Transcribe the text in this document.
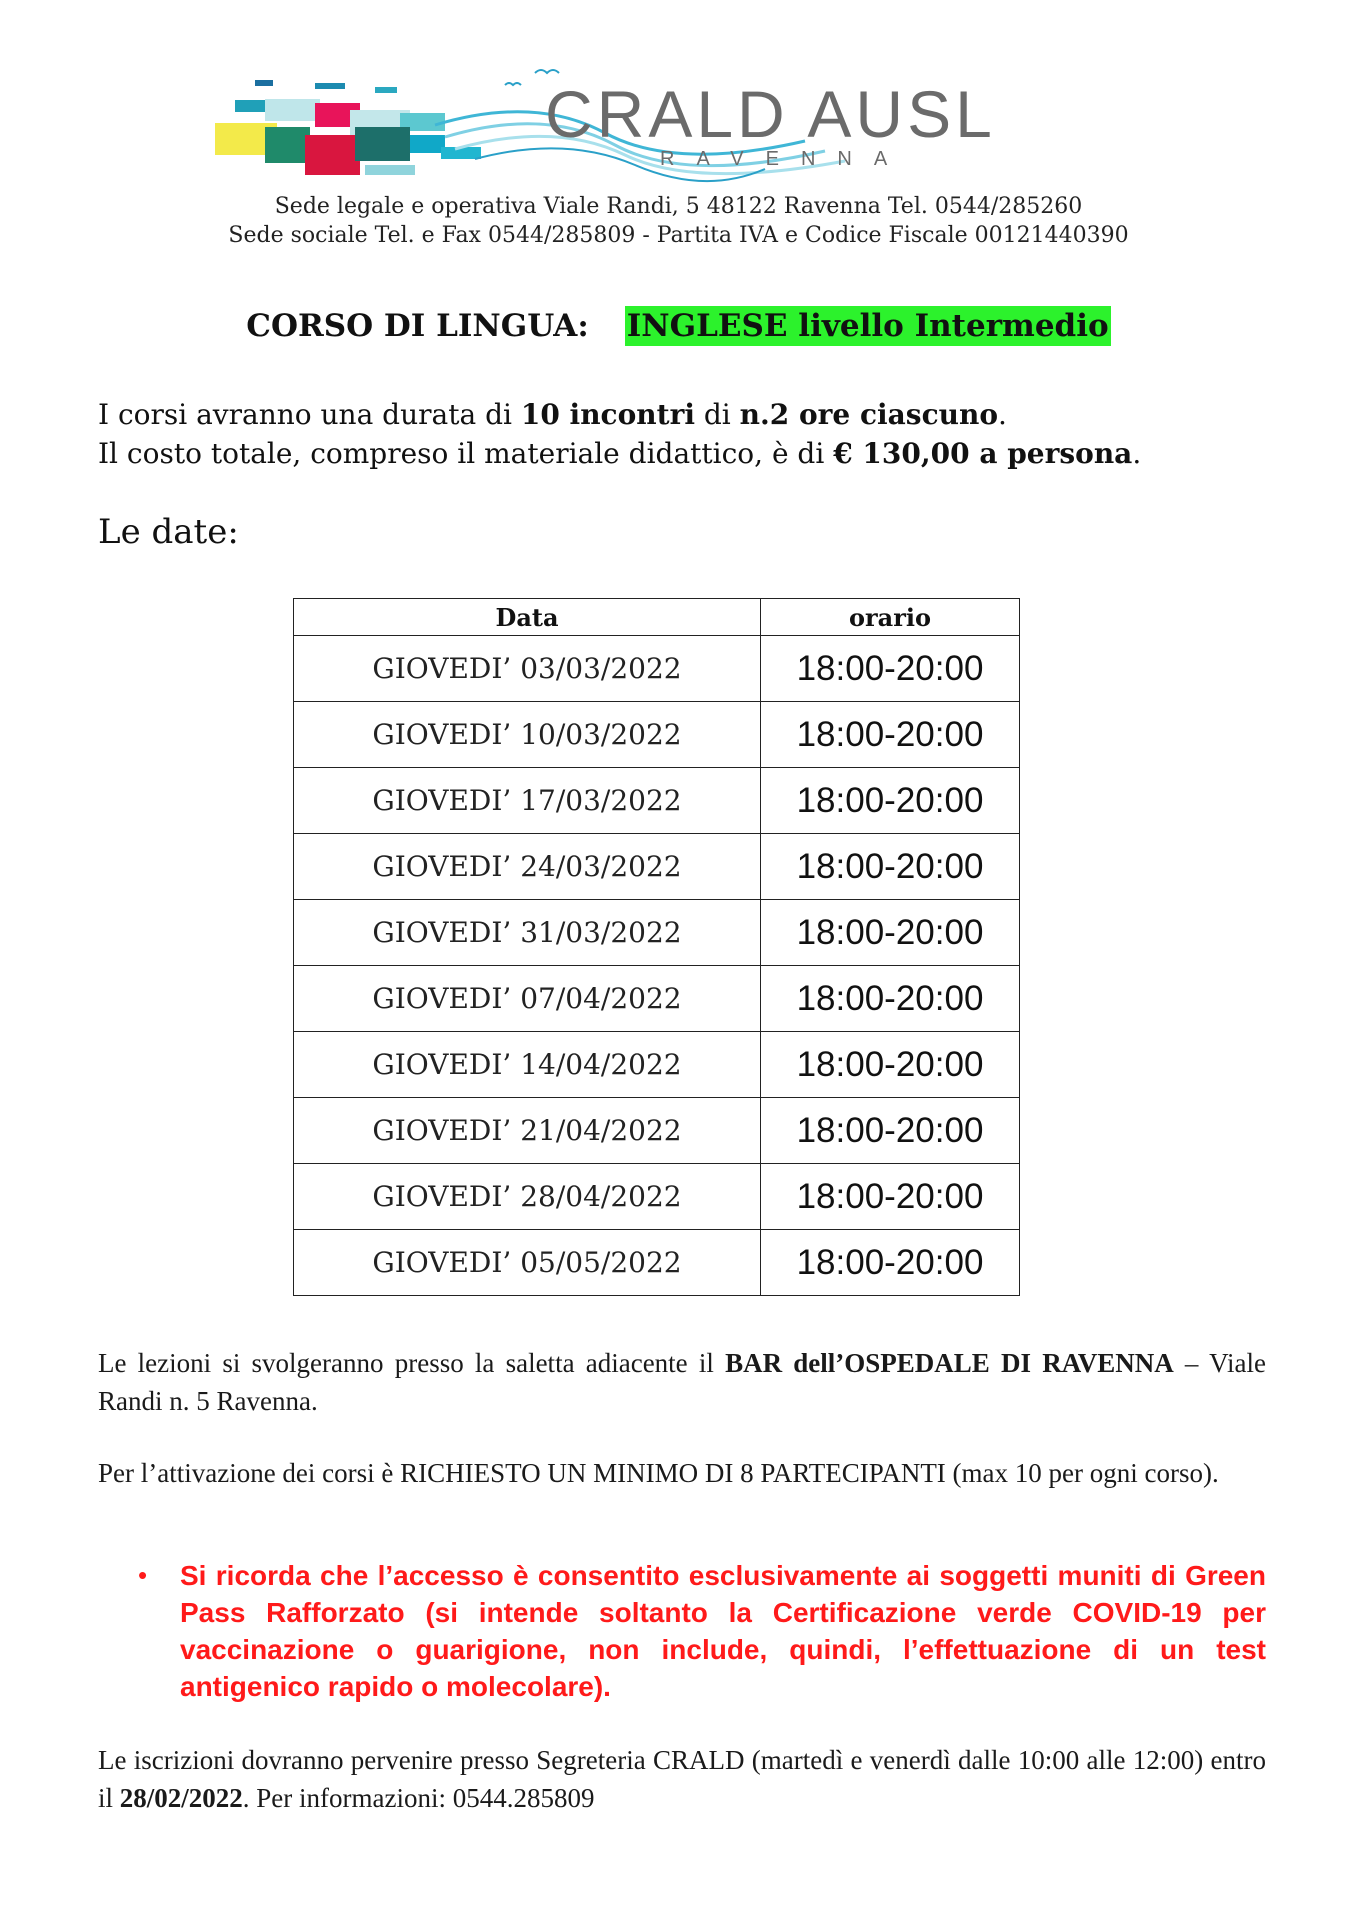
CRALD AUSL
RAVENNA
Sede legale e operativa Viale Randi, 5 48122 Ravenna Tel. 0544/285260
Sede sociale Tel. e Fax 0544/285809 - Partita IVA e Codice Fiscale 00121440390
CORSO DI LINGUA: INGLESE livello Intermedio
I corsi avranno una durata di 10 incontri di n.2 ore ciascuno.
Il costo totale, compreso il materiale didattico, è di € 130,00 a persona.
Le date:
Data	orario
GIOVEDI’ 03/03/2022	18:00-20:00
GIOVEDI’ 10/03/2022	18:00-20:00
GIOVEDI’ 17/03/2022	18:00-20:00
GIOVEDI’ 24/03/2022	18:00-20:00
GIOVEDI’ 31/03/2022	18:00-20:00
GIOVEDI’ 07/04/2022	18:00-20:00
GIOVEDI’ 14/04/2022	18:00-20:00
GIOVEDI’ 21/04/2022	18:00-20:00
GIOVEDI’ 28/04/2022	18:00-20:00
GIOVEDI’ 05/05/2022	18:00-20:00
Le lezioni si svolgeranno presso la saletta adiacente il BAR dell’OSPEDALE DI RAVENNA – Viale Randi n. 5 Ravenna.
Per l’attivazione dei corsi è RICHIESTO UN MINIMO DI 8 PARTECIPANTI (max 10 per ogni corso).
• Si ricorda che l’accesso è consentito esclusivamente ai soggetti muniti di Green Pass Rafforzato (si intende soltanto la Certificazione verde COVID-19 per vaccinazione o guarigione, non include, quindi, l’effettuazione di un test antigenico rapido o molecolare).
Le iscrizioni dovranno pervenire presso Segreteria CRALD (martedì e venerdì dalle 10:00 alle 12:00) entro il 28/02/2022. Per informazioni: 0544.285809
